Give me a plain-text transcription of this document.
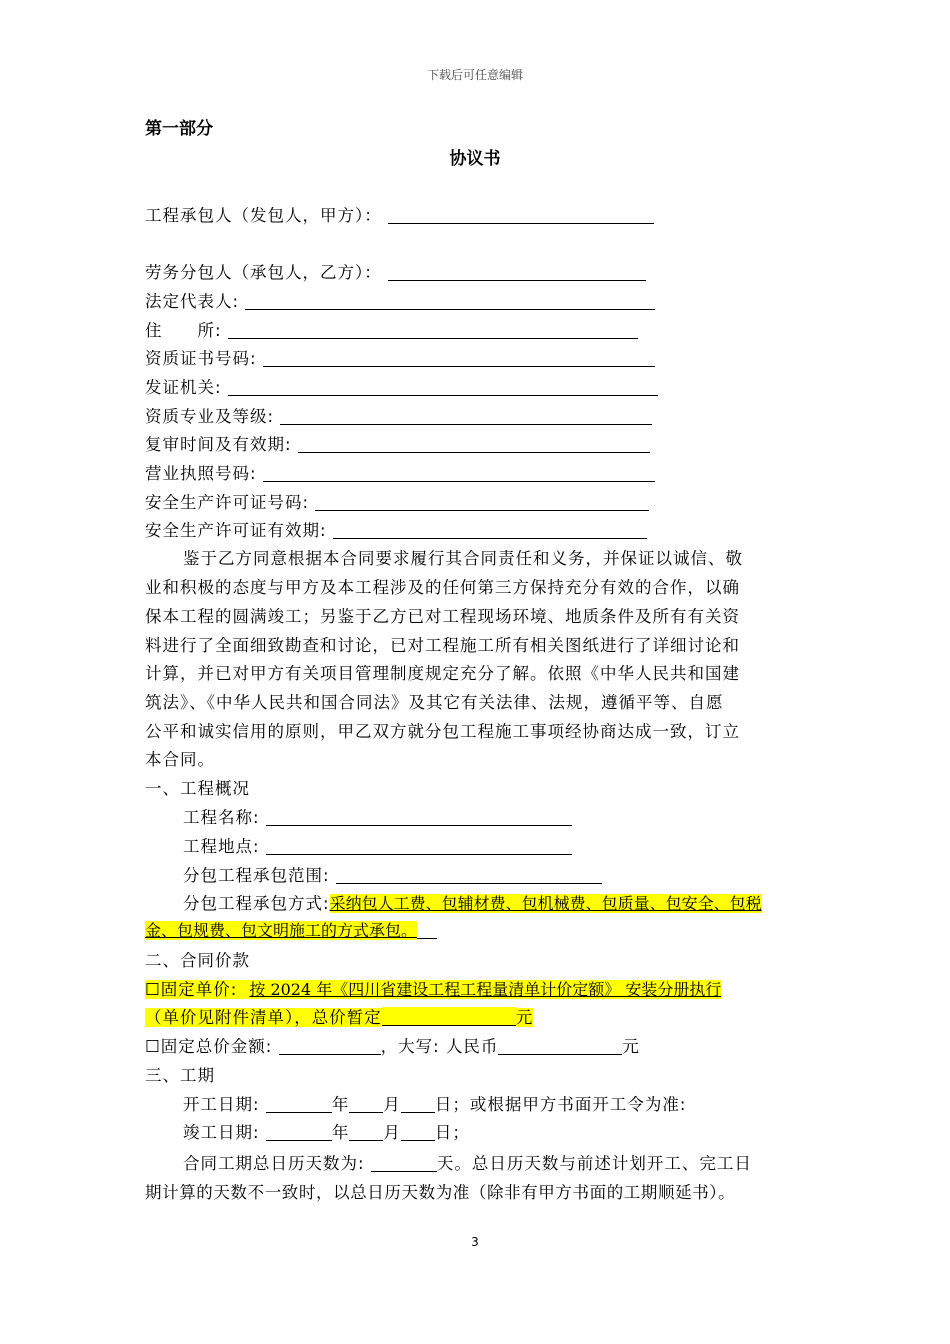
下载后可任意编辑
第一部分
协议书
工程承包人（发包人，甲方）：
劳务分包人（承包人，乙方）：
法定代表人:
住　　所:
资质证书号码:
发证机关:
资质专业及等级:
复审时间及有效期:
营业执照号码:
安全生产许可证号码:
安全生产许可证有效期:
鉴于乙方同意根据本合同要求履行其合同责任和义务，并保证以诚信、敬
业和积极的态度与甲方及本工程涉及的任何第三方保持充分有效的合作，以确
保本工程的圆满竣工；另鉴于乙方已对工程现场环境、地质条件及所有有关资
料进行了全面细致勘查和讨论，已对工程施工所有相关图纸进行了详细讨论和
计算，并已对甲方有关项目管理制度规定充分了解。依照《中华人民共和国建
筑法》、《中华人民共和国合同法》及其它有关法律、法规，遵循平等、自愿
公平和诚实信用的原则，甲乙双方就分包工程施工事项经协商达成一致，订立
本合同。
一、工程概况
工程名称:
工程地点:
分包工程承包范围:
分包工程承包方式:采纳包人工费、包辅材费、包机械费、包质量、包安全、包税
金、包规费、包文明施工的方式承包。
二、合同价款
☐固定单价: 按 2024 年《四川省建设工程工程量清单计价定额》 安装分册执行
（单价见附件清单），总价暂定	元
☐固定总价金额:	，大写: 人民币	元
三、工期
开工日期:	年 月 日；或根据甲方书面开工令为准:
竣工日期:	年 月 日；
合同工期总日历天数为:	天。总日历天数与前述计划开工、完工日
期计算的天数不一致时，以总日历天数为准（除非有甲方书面的工期顺延书）。
3
